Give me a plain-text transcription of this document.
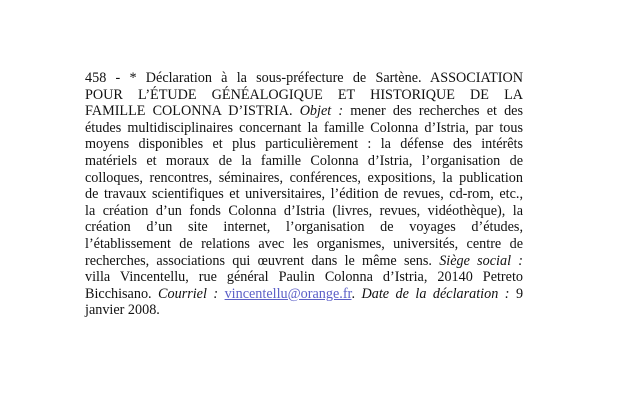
458 - * Déclaration à la sous-préfecture de Sartène. ASSOCIATION
POUR L’ÉTUDE GÉNÉALOGIQUE ET HISTORIQUE DE LA
FAMILLE COLONNA D’ISTRIA. Objet : mener des recherches et des
études multidisciplinaires concernant la famille Colonna d’Istria, par tous
moyens disponibles et plus particulièrement : la défense des intérêts
matériels et moraux de la famille Colonna d’Istria, l’organisation de
colloques, rencontres, séminaires, conférences, expositions, la publication
de travaux scientifiques et universitaires, l’édition de revues, cd-rom, etc.,
la création d’un fonds Colonna d’Istria (livres, revues, vidéothèque), la
création d’un site internet, l’organisation de voyages d’études,
l’établissement de relations avec les organismes, universités, centre de
recherches, associations qui œuvrent dans le même sens. Siège social :
villa Vincentellu, rue général Paulin Colonna d’Istria, 20140 Petreto
Bicchisano. Courriel : vincentellu@orange.fr. Date de la déclaration : 9
janvier 2008.
